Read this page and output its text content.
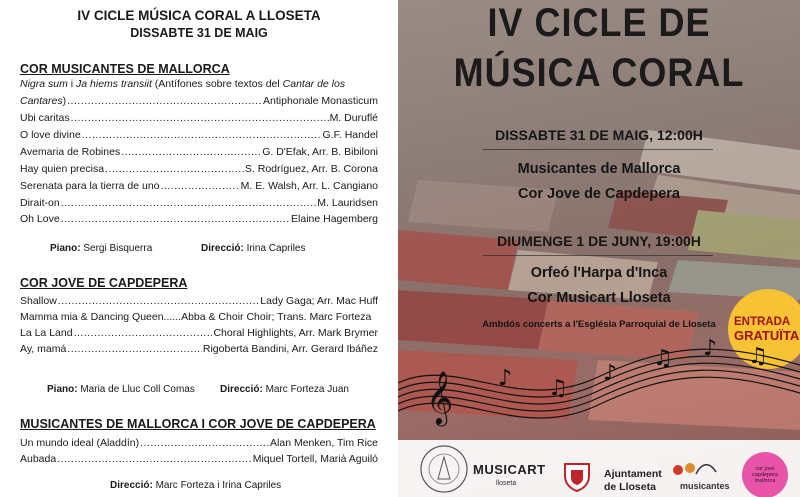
IV CICLE MÚSICA CORAL A LLOSETA
DISSABTE 31 DE MAIG
COR MUSICANTES DE MALLORCA
Nigra sum i Ja hiems transiit (Antífones sobre textos del Cantar de los
Cantares) .....	Antiphonale Monasticum
Ubi caritas .....	M. Duruflé
O love divine .....	G.F. Handel
Avemaria de Robines .....	G. D'Efak, Arr. B. Bibiloni
Hay quien precisa .....	S. Rodríguez, Arr. B. Corona
Serenata para la tierra de uno .....	M. E. Walsh, Arr. L. Cangiano
Dirait-on .....	M. Lauridsen
Oh Love .....	Elaine Hagemberg
Piano: Sergi Bisquerra	Direcció: Irina Capriles
COR JOVE DE CAPDEPERA
Shallow .....	Lady Gaga; Arr. Mac Huff
Mamma mia & Dancing Queen......Abba & Choir Choir; Trans. Marc Forteza
La La Land .....	Choral Highlights, Arr. Mark Brymer
Ay, mamá .....	Rigoberta Bandini, Arr. Gerard Ibáñez
Piano: Maria de Lluc Coll Comas	Direcció: Marc Forteza Juan
MUSICANTES DE MALLORCA I COR JOVE DE CAPDEPERA
Un mundo ideal (Aladdín) .....	Alan Menken, Tim Rice
Aubada .....	Miquel Tortell, Marià Aguiló
Direcció: Marc Forteza i Irina Capriles
IV CICLE DE
MÚSICA CORAL
DISSABTE 31 DE MAIG, 12:00H
Musicantes de Mallorca
Cor Jove de Capdepera
DIUMENGE 1 DE JUNY, 19:00H
Orfeó l'Harpa d'Inca
Cor Musicart Lloseta
Ambdós concerts a l'Església Parroquial de Lloseta	ENTRADA
GRATUÏTA
𝄞 ♪ ♫
♪
♫ ♪ ♫
MUSICART
lloseta
Ajuntament
de Lloseta	musicantes
cor jove capdepera mallorca
